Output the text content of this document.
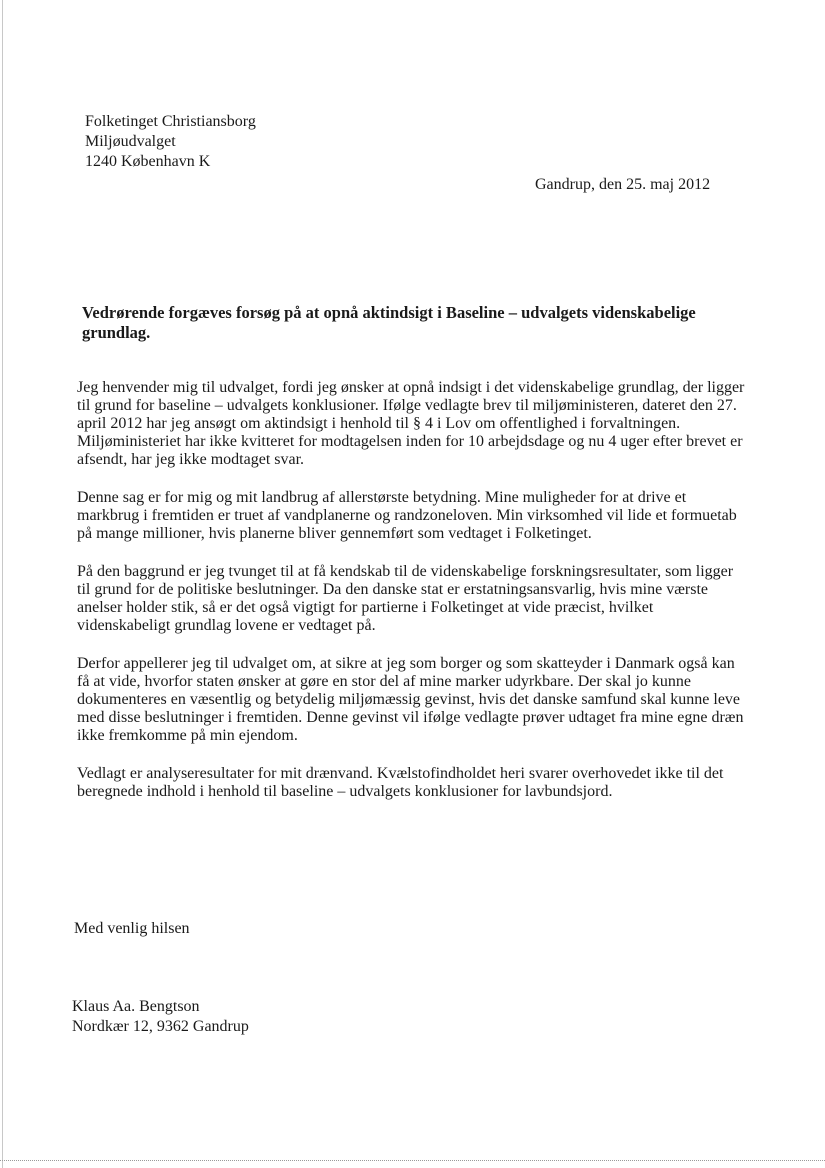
Folketinget Christiansborg
Miljøudvalget
1240 København K
Gandrup, den 25. maj 2012
Vedrørende forgæves forsøg på at opnå aktindsigt i Baseline – udvalgets videnskabelige grundlag.

Jeg henvender mig til udvalget, fordi jeg ønsker at opnå indsigt i det videnskabelige grundlag, der ligger til grund for baseline – udvalgets konklusioner. Ifølge vedlagte brev til miljøministeren, dateret den 27. april 2012 har jeg ansøgt om aktindsigt i henhold til § 4 i Lov om offentlighed i forvaltningen. Miljøministeriet har ikke kvitteret for modtagelsen inden for 10 arbejdsdage og nu 4 uger efter brevet er afsendt, har jeg ikke modtaget svar.

Denne sag er for mig og mit landbrug af allerstørste betydning. Mine muligheder for at drive et markbrug i fremtiden er truet af vandplanerne og randzoneloven. Min virksomhed vil lide et formuetab på mange millioner, hvis planerne bliver gennemført som vedtaget i Folketinget.

På den baggrund er jeg tvunget til at få kendskab til de videnskabelige forskningsresultater, som ligger til grund for de politiske beslutninger. Da den danske stat er erstatningsansvarlig, hvis mine værste anelser holder stik, så er det også vigtigt for partierne i Folketinget at vide præcist, hvilket videnskabeligt grundlag lovene er vedtaget på.

Derfor appellerer jeg til udvalget om, at sikre at jeg som borger og som skatteyder i Danmark også kan få at vide, hvorfor staten ønsker at gøre en stor del af mine marker udyrkbare. Der skal jo kunne dokumenteres en væsentlig og betydelig miljømæssig gevinst, hvis det danske samfund skal kunne leve med disse beslutninger i fremtiden. Denne gevinst vil ifølge vedlagte prøver udtaget fra mine egne dræn ikke fremkomme på min ejendom.

Vedlagt er analyseresultater for mit drænvand. Kvælstofindholdet heri svarer overhovedet ikke til det beregnede indhold i henhold til baseline – udvalgets konklusioner for lavbundsjord.

Med venlig hilsen
Klaus Aa. Bengtson
Nordkær 12, 9362 Gandrup
